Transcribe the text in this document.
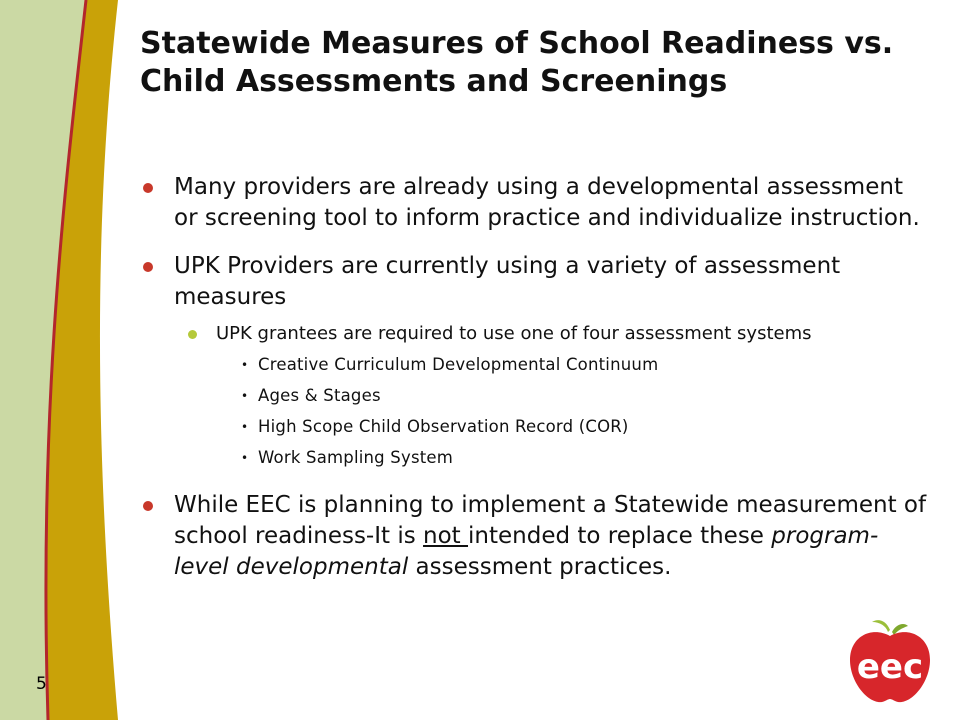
5
Statewide Measures of School Readiness vs. Child Assessments and Screenings
Many providers are already using a developmental assessment or screening tool to inform practice and individualize instruction.
UPK Providers are currently using a variety of assessment measures
UPK grantees are required to use one of four assessment systems
• Creative Curriculum Developmental Continuum
• Ages & Stages
• High Scope Child Observation Record (COR)
• Work Sampling System
While EEC is planning to implement a Statewide measurement of school readiness-It is not intended to replace these program-level developmental assessment practices.
eec
